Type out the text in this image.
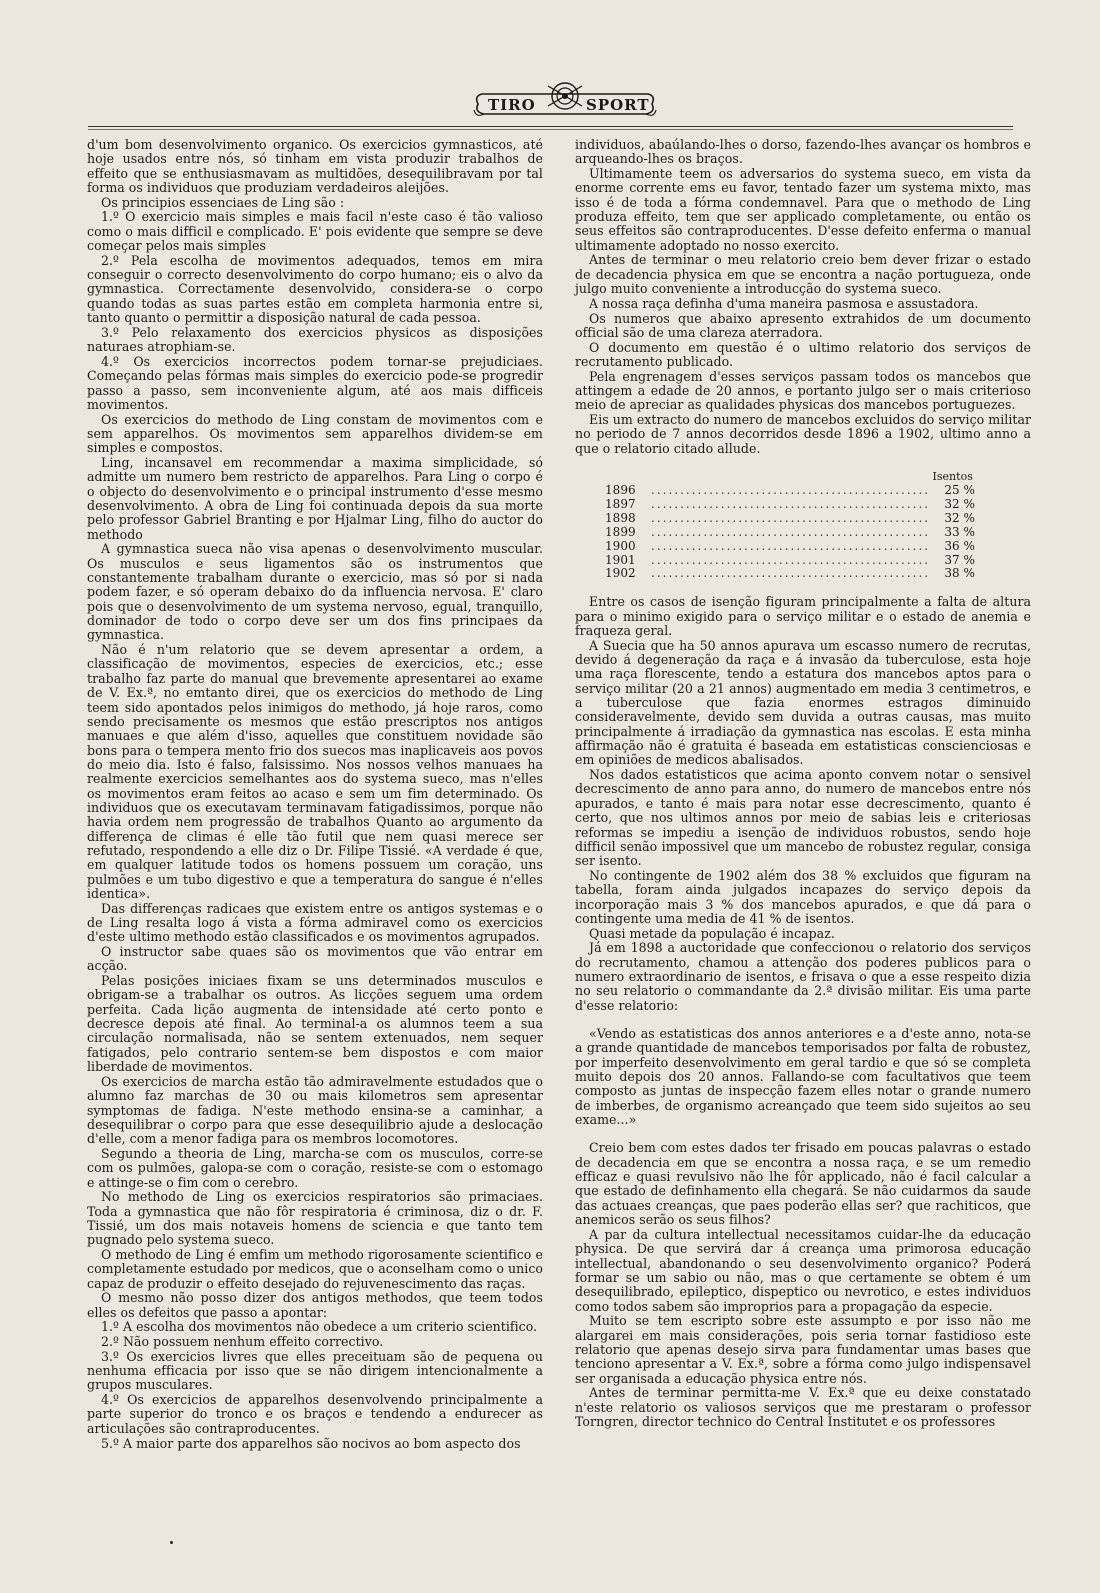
TIRO	SPORT

d'um bom desenvolvimento organico. Os exercicios gymnasticos, até hoje usados entre nós, só tinham em vista produzir trabalhos de effeito que se enthusiasmavam as multidões, desequilibravam por tal forma os individuos que produziam verdadeiros aleijões.

Os principios essenciaes de Ling são :

1.º O exercicio mais simples e mais facil n'este caso é tão valioso como o mais difficil e complicado. E' pois evidente que sempre se deve começar pelos mais simples

2.º Pela escolha de movimentos adequados, temos em mira conseguir o correcto desenvolvimento do corpo humano; eis o alvo da gymnastica. Correctamente desenvolvido, considera-se o corpo quando todas as suas partes estão em completa harmonia entre si, tanto quanto o permittir a disposição natural de cada pessoa.

3.º Pelo relaxamento dos exercicios physicos as disposições naturaes atrophiam-se.

4.º Os exercicios incorrectos podem tornar-se prejudiciaes. Começando pelas fórmas mais simples do exercicio pode-se progredir passo a passo, sem inconveniente algum, até aos mais difficeis movimentos.

Os exercicios do methodo de Ling constam de movimentos com e sem apparelhos. Os movimentos sem apparelhos dividem-se em simples e compostos.

Ling, incansavel em recommendar a maxima simplicidade, só admitte um numero bem restricto de apparelhos. Para Ling o corpo é o objecto do desenvolvimento e o principal instrumento d'esse mesmo desenvolvimento. A obra de Ling foi continuada depois da sua morte pelo professor Gabriel Branting e por Hjalmar Ling, filho do auctor do methodo

A gymnastica sueca não visa apenas o desenvolvimento muscular. Os musculos e seus ligamentos são os instrumentos que constantemente trabalham durante o exercicio, mas só por si nada podem fazer, e só operam debaixo do da influencia nervosa. E' claro pois que o desenvolvimento de um systema nervoso, egual, tranquillo, dominador de todo o corpo deve ser um dos fins principaes da gymnastica.

Não é n'um relatorio que se devem apresentar a ordem, a classificação de movimentos, especies de exercicios, etc.; esse trabalho faz parte do manual que brevemente apresentarei ao exame de V. Ex.ª, no emtanto direi, que os exercicios do methodo de Ling teem sido apontados pelos inimigos do methodo, já hoje raros, como sendo precisamente os mesmos que estão prescriptos nos antigos manuaes e que além d'isso, aquelles que constituem novidade são bons para o tempera mento frio dos suecos mas inaplicaveis aos povos do meio dia. Isto é falso, falsissimo. Nos nossos velhos manuaes ha realmente exercicios semelhantes aos do systema sueco, mas n'elles os movimentos eram feitos ao acaso e sem um fim determinado. Os individuos que os executavam terminavam fatigadissimos, porque não havia ordem nem progressão de trabalhos Quanto ao argumento da differença de climas é elle tão futil que nem quasi merece ser refutado, respondendo a elle diz o Dr. Filipe Tissié. «A verdade é que, em qualquer latitude todos os homens possuem um coração, uns pulmões e um tubo digestivo e que a temperatura do sangue é n'elles identica».

Das differenças radicaes que existem entre os antigos systemas e o de Ling resalta logo á vista a fórma admiravel como os exercicios d'este ultimo methodo estão classificados e os movimentos agrupados.

O instructor sabe quaes são os movimentos que vão entrar em acção.

Pelas posições iniciaes fixam se uns determinados musculos e obrigam-se a trabalhar os outros. As licções seguem uma ordem perfeita. Cada lição augmenta de intensidade até certo ponto e decresce depois até final. Ao terminal-a os alumnos teem a sua circulação normalisada, não se sentem extenuados, nem sequer fatigados, pelo contrario sentem-se bem dispostos e com maior liberdade de movimentos.

Os exercicios de marcha estão tão admiravelmente estudados que o alumno faz marchas de 30 ou mais kilometros sem apresentar symptomas de fadiga. N'este methodo ensina-se a caminhar, a desequilibrar o corpo para que esse desequilibrio ajude a deslocação d'elle, com a menor fadiga para os membros locomotores.

Segundo a theoria de Ling, marcha-se com os musculos, corre-se com os pulmões, galopa-se com o coração, resiste-se com o estomago e attinge-se o fim com o cerebro.

No methodo de Ling os exercicios respiratorios são primaciaes. Toda a gymnastica que não fôr respiratoria é criminosa, diz o dr. F. Tissié, um dos mais notaveis homens de sciencia e que tanto tem pugnado pelo systema sueco.

O methodo de Ling é emfim um methodo rigorosamente scientifico e completamente estudado por medicos, que o aconselham como o unico capaz de produzir o effeito desejado do rejuvenescimento das raças.

O mesmo não posso dizer dos antigos methodos, que teem todos elles os defeitos que passo a apontar:

1.º A escolha dos movimentos não obedece a um criterio scientifico.

2.º Não possuem nenhum effeito correctivo.

3.º Os exercicios livres que elles preceituam são de pequena ou nenhuma efficacia por isso que se não dirigem intencionalmente a grupos musculares.

4.º Os exercicios de apparelhos desenvolvendo principalmente a parte superior do tronco e os braços e tendendo a endurecer as articulações são contraproducentes.

5.º A maior parte dos apparelhos são nocivos ao bom aspecto dos

individuos, abaúlando-lhes o dorso, fazendo-lhes avançar os hombros e arqueando-lhes os braços.

Ultimamente teem os adversarios do systema sueco, em vista da enorme corrente ems eu favor, tentado fazer um systema mixto, mas isso é de toda a fórma condemnavel. Para que o methodo de Ling produza effeito, tem que ser applicado completamente, ou então os seus effeitos são contraproducentes. D'esse defeito enferma o manual ultimamente adoptado no nosso exercito.

Antes de terminar o meu relatorio creio bem dever frizar o estado de decadencia physica em que se encontra a nação portugueza, onde julgo muito conveniente a introducção do systema sueco.

A nossa raça definha d'uma maneira pasmosa e assustadora.

Os numeros que abaixo apresento extrahidos de um documento official são de uma clareza aterradora.

O documento em questão é o ultimo relatorio dos serviços de recrutamento publicado.

Pela engrenagem d'esses serviços passam todos os mancebos que attingem a edade de 20 annos, e portanto julgo ser o mais criterioso meio de apreciar as qualidades physicas dos mancebos portuguezes.

Eis um extracto do numero de mancebos excluidos do serviço militar no periodo de 7 annos decorridos desde 1896 a 1902, ultimo anno a que o relatorio citado allude.

Isentos
1896 .....	25 %
1897 .....	32 %
1898 .....	32 %
1899 .....	33 %
1900 .....	36 %
1901 .....	37 %
1902 .....	38 %

Entre os casos de isenção figuram principalmente a falta de altura para o minimo exigido para o serviço militar e o estado de anemia e fraqueza geral.

A Suecia que ha 50 annos apurava um escasso numero de recrutas, devido á degeneração da raça e á invasão da tuberculose, esta hoje uma raça florescente, tendo a estatura dos mancebos aptos para o serviço militar (20 a 21 annos) augmentado em media 3 centimetros, e a tuberculose que fazia enormes estragos diminuido consideravelmente, devido sem duvida a outras causas, mas muito principalmente á irradiação da gymnastica nas escolas. E esta minha affirmação não é gratuita é baseada em estatisticas conscienciosas e em opiniões de medicos abalisados.

Nos dados estatisticos que acima aponto convem notar o sensivel decrescimento de anno para anno, do numero de mancebos entre nós apurados, e tanto é mais para notar esse decrescimento, quanto é certo, que nos ultimos annos por meio de sabias leis e criteriosas reformas se impediu a isenção de individuos robustos, sendo hoje difficil senão impossivel que um mancebo de robustez regular, consiga ser isento.

No contingente de 1902 além dos 38 % excluidos que figuram na tabella, foram ainda julgados incapazes do serviço depois da incorporação mais 3 % dos mancebos apurados, e que dá para o contingente uma media de 41 % de isentos.

Quasi metade da população é incapaz.

Já em 1898 a auctoridade que confeccionou o relatorio dos serviços do recrutamento, chamou a attenção dos poderes publicos para o numero extraordinario de isentos, e frisava o que a esse respeito dizia no seu relatorio o commandante da 2.ª divisão militar. Eis uma parte d'esse relatorio:

«Vendo as estatisticas dos annos anteriores e a d'este anno, nota-se a grande quantidade de mancebos temporisados por falta de robustez, por imperfeito desenvolvimento em geral tardio e que só se completa muito depois dos 20 annos. Fallando-se com facultativos que teem composto as juntas de inspecção fazem elles notar o grande numero de imberbes, de organismo acreançado que teem sido sujeitos ao seu exame...»

Creio bem com estes dados ter frisado em poucas palavras o estado de decadencia em que se encontra a nossa raça, e se um remedio efficaz e quasi revulsivo não lhe fôr applicado, não é facil calcular a que estado de definhamento ella chegará. Se não cuidarmos da saude das actuaes creanças, que paes poderão ellas ser? que rachiticos, que anemicos serão os seus filhos?

A par da cultura intellectual necessitamos cuidar-lhe da educação physica. De que servirá dar á creança uma primorosa educação intellectual, abandonando o seu desenvolvimento organico? Poderá formar se um sabio ou não, mas o que certamente se obtem é um desequilibrado, epileptico, dispeptico ou nevrotico, e estes individuos como todos sabem são improprios para a propagação da especie.

Muito se tem escripto sobre este assumpto e por isso não me alargarei em mais considerações, pois seria tornar fastidioso este relatorio que apenas desejo sirva para fundamentar umas bases que tenciono apresentar a V. Ex.ª, sobre a fórma como julgo indispensavel ser organisada a educação physica entre nós.

Antes de terminar permitta-me V. Ex.ª que eu deixe constatado n'este relatorio os valiosos serviços que me prestaram o professor Torngren, director technico do Central Institutet e os professores
